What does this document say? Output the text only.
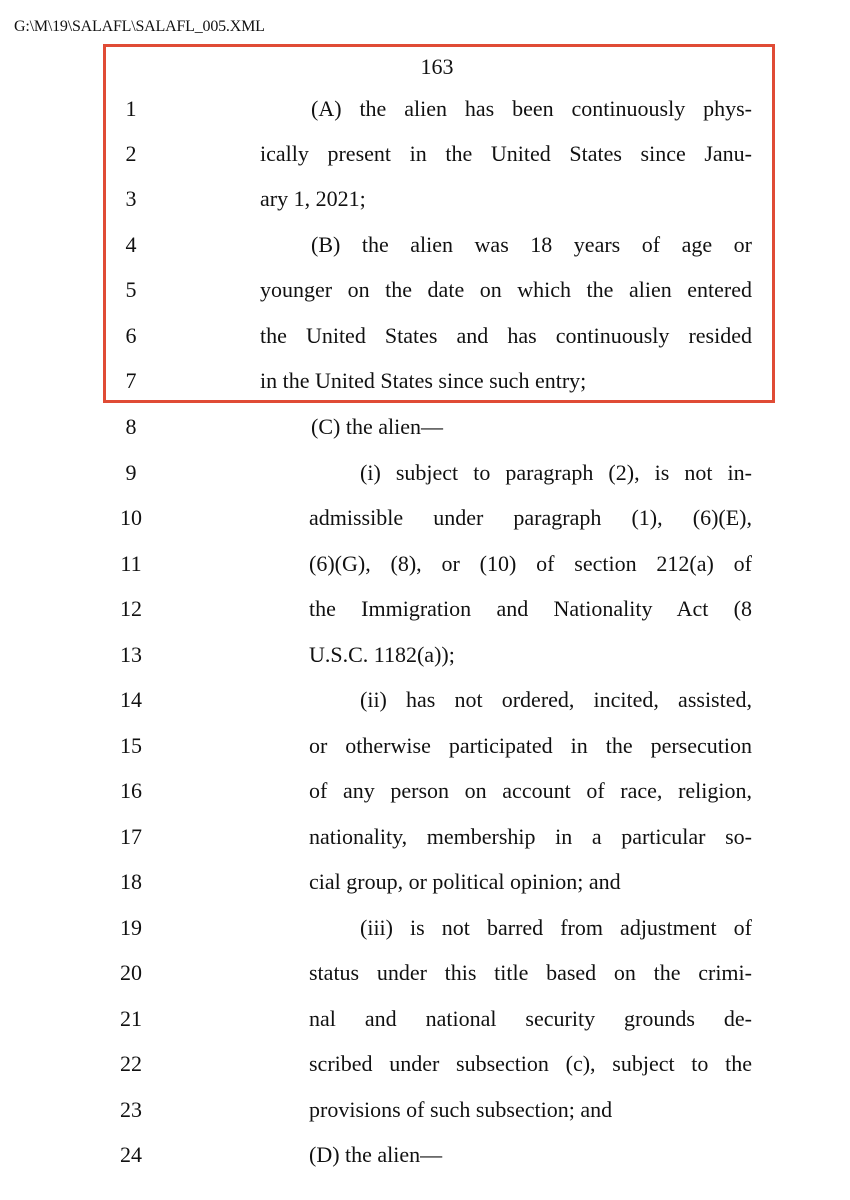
G:\M\19\SALAFL\SALAFL_005.XML
163
1	(A) the alien has been continuously phys-
2	ically present in the United States since Janu-
3	ary 1, 2021;
4	(B) the alien was 18 years of age or
5	younger on the date on which the alien entered
6	the United States and has continuously resided
7	in the United States since such entry;
8	(C) the alien—
9	(i) subject to paragraph (2), is not in-
10	admissible under paragraph (1), (6)(E),
11	(6)(G), (8), or (10) of section 212(a) of
12	the Immigration and Nationality Act (8
13	U.S.C. 1182(a));
14	(ii) has not ordered, incited, assisted,
15	or otherwise participated in the persecution
16	of any person on account of race, religion,
17	nationality, membership in a particular so-
18	cial group, or political opinion; and
19	(iii) is not barred from adjustment of
20	status under this title based on the crimi-
21	nal and national security grounds de-
22	scribed under subsection (c), subject to the
23	provisions of such subsection; and
24	(D) the alien—
